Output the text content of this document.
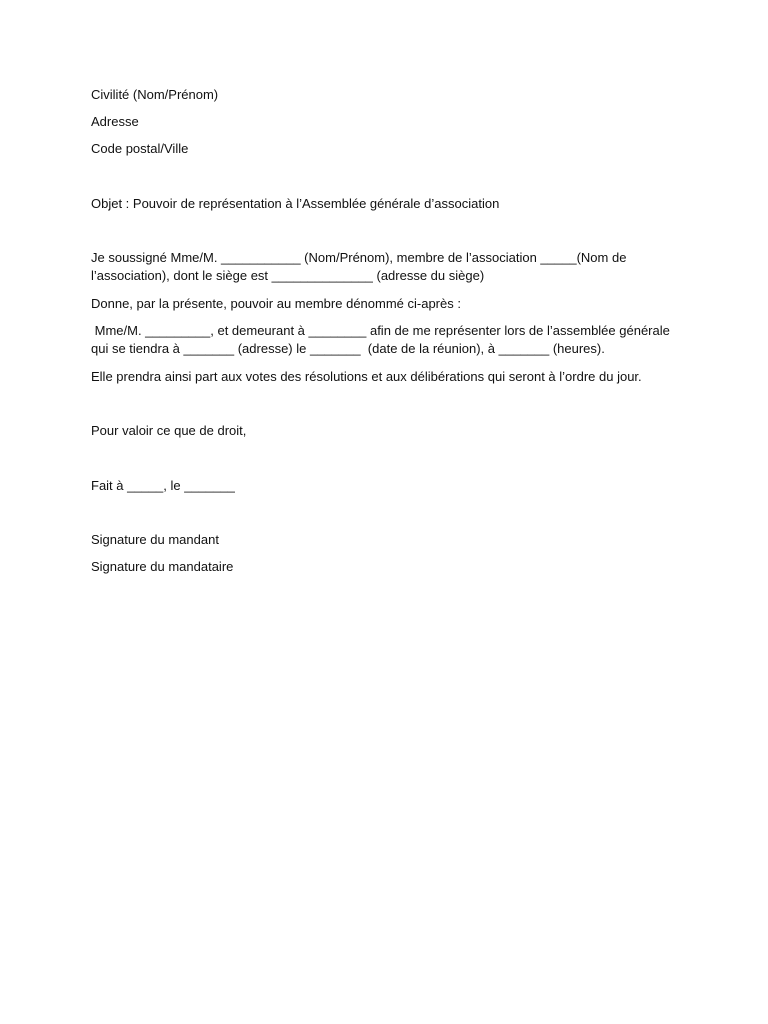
Civilité (Nom/Prénom)

Adresse

Code postal/Ville

Objet : Pouvoir de représentation à l’Assemblée générale d’association

Je soussigné Mme/M. ___________ (Nom/Prénom), membre de l’association _____(Nom de
l’association), dont le siège est ______________ (adresse du siège)

Donne, par la présente, pouvoir au membre dénommé ci-après :

Mme/M. _________, et demeurant à ________ afin de me représenter lors de l’assemblée générale
qui se tiendra à _______ (adresse) le _______  (date de la réunion), à _______ (heures).

Elle prendra ainsi part aux votes des résolutions et aux délibérations qui seront à l’ordre du jour.

Pour valoir ce que de droit,

Fait à _____, le _______

Signature du mandant

Signature du mandataire
